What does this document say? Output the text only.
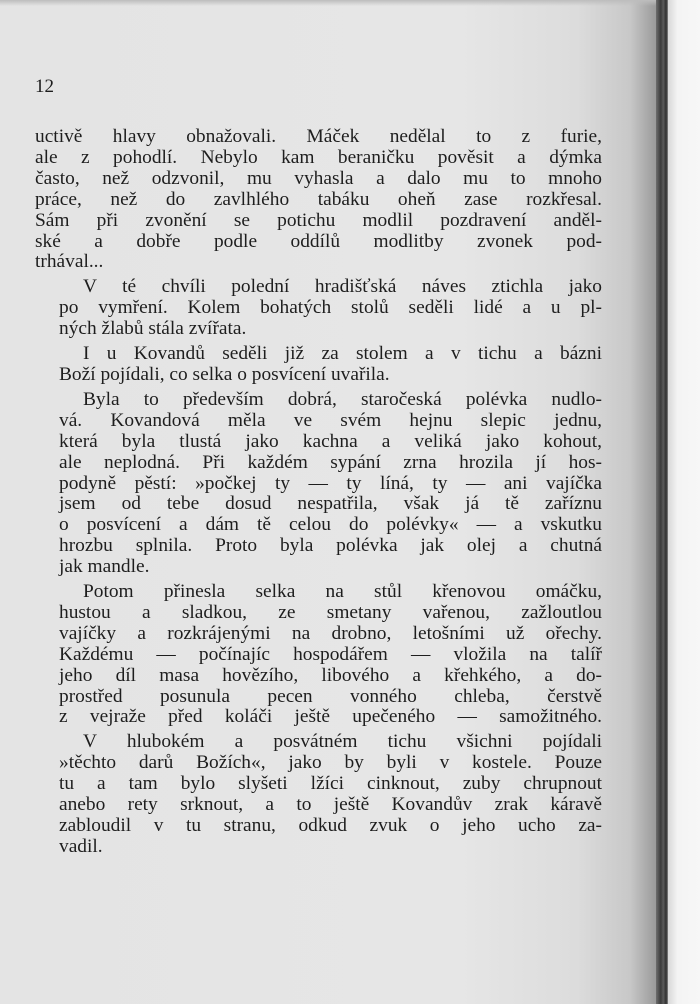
12
uctivě hlavy obnažovali. Máček nedělal to z furie,
ale z pohodlí. Nebylo kam beraničku pověsit a dýmka
často, než odzvonil, mu vyhasla a dalo mu to mnoho
práce, než do zavlhlého tabáku oheň zase rozkřesal.
Sám při zvonění se potichu modlil pozdravení anděl-
ské a dobře podle oddílů modlitby zvonek pod-
trhával...
V té chvíli polední hradišťská náves ztichla jako
po vymření. Kolem bohatých stolů seděli lidé a u pl-
ných žlabů stála zvířata.
I u Kovandů seděli již za stolem a v tichu a bázni
Boží pojídali, co selka o posvícení uvařila.
Byla to především dobrá, staročeská polévka nudlo-
vá. Kovandová měla ve svém hejnu slepic jednu,
která byla tlustá jako kachna a veliká jako kohout,
ale neplodná. Při každém sypání zrna hrozila jí hos-
podyně pěstí: »počkej ty — ty líná, ty — ani vajíčka
jsem od tebe dosud nespatřila, však já tě zaříznu
o posvícení a dám tě celou do polévky« — a vskutku
hrozbu splnila. Proto byla polévka jak olej a chutná
jak mandle.
Potom přinesla selka na stůl křenovou omáčku,
hustou a sladkou, ze smetany vařenou, zažloutlou
vajíčky a rozkrájenými na drobno, letošními už ořechy.
Každému — počínajíc hospodářem — vložila na talíř
jeho díl masa hovězího, libového a křehkého, a do-
prostřed posunula pecen vonného chleba, čerstvě
z vejraže před koláči ještě upečeného — samožitného.
V hlubokém a posvátném tichu všichni pojídali
»těchto darů Božích«, jako by byli v kostele. Pouze
tu a tam bylo slyšeti lžíci cinknout, zuby chrupnout
anebo rety srknout, a to ještě Kovandův zrak káravě
zabloudil v tu stranu, odkud zvuk o jeho ucho za-
vadil.
